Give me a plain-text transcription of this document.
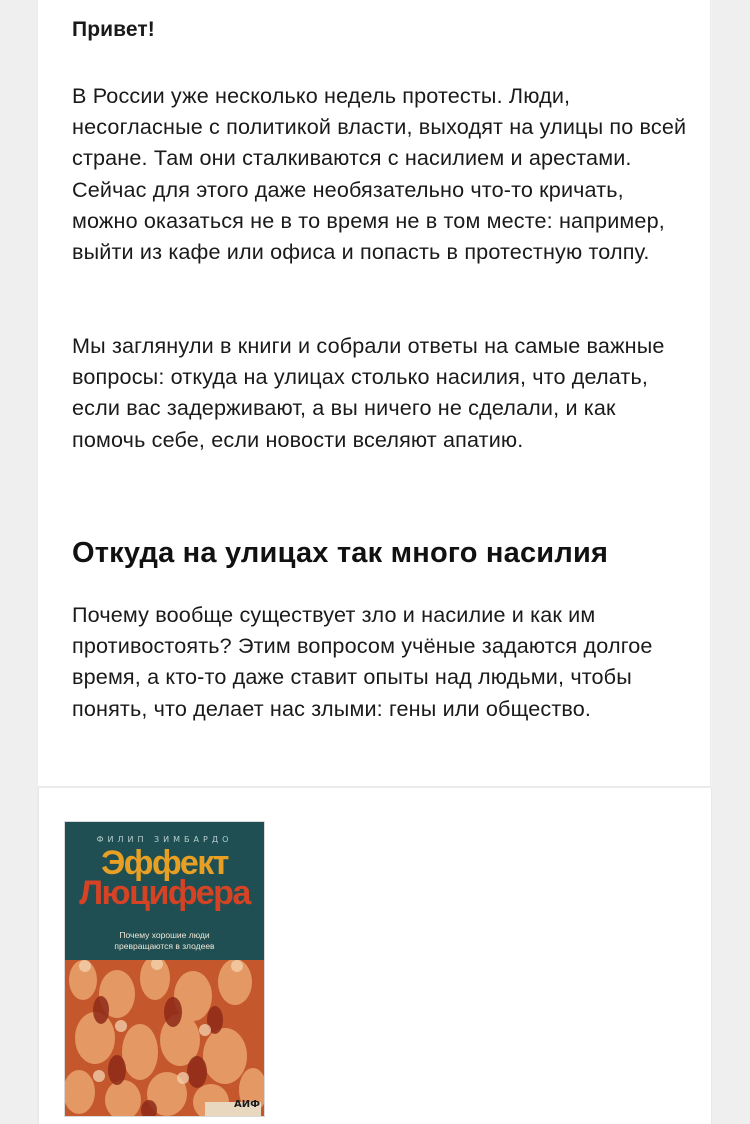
Привет!
В России уже несколько недель протесты. Люди, несогласные с политикой власти, выходят на улицы по всей стране. Там они сталкиваются с насилием и арестами. Сейчас для этого даже необязательно что-то кричать, можно оказаться не в то время не в том месте: например, выйти из кафе или офиса и попасть в протестную толпу.
Мы заглянули в книги и собрали ответы на самые важные вопросы: откуда на улицах столько насилия, что делать, если вас задерживают, а вы ничего не сделали, и как помочь себе, если новости вселяют апатию.
Откуда на улицах так много насилия
Почему вообще существует зло и насилие и как им противостоять? Этим вопросом учёные задаются долгое время, а кто-то даже ставит опыты над людьми, чтобы понять, что делает нас злыми: гены или общество.
ФИЛИП ЗИМБАРДО
Эффект
Люцифера
Почему хорошие люди
превращаются в злодеев
АИФ
